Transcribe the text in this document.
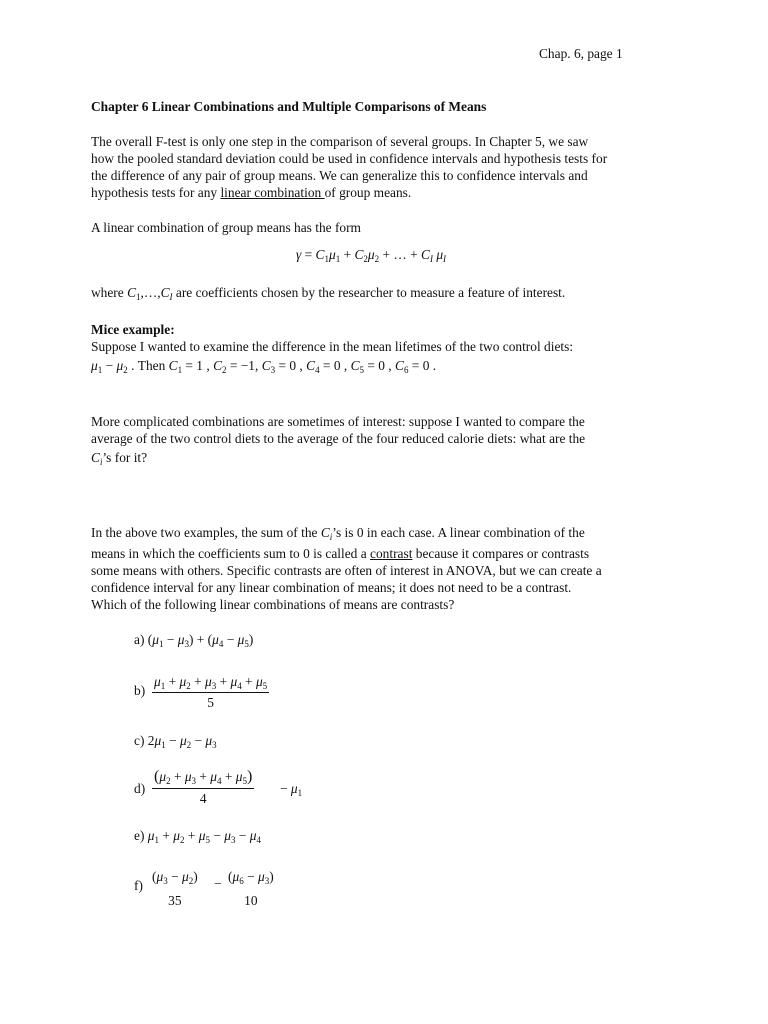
Chap. 6, page 1
Chapter 6 Linear Combinations and Multiple Comparisons of Means
The overall F-test is only one step in the comparison of several groups. In Chapter 5, we saw
how the pooled standard deviation could be used in confidence intervals and hypothesis tests for
the difference of any pair of group means. We can generalize this to confidence intervals and
hypothesis tests for any linear combination of group means.
A linear combination of group means has the form
$\gamma = C_1\mu_1 + C_2\mu_2$ + … + $C_I$ $\mu_I$
where $C_1,\dots,C_I$ are coefficients chosen by the researcher to measure a feature of interest.
Mice example:
Suppose I wanted to examine the difference in the mean lifetimes of the two control diets:
$\mu_1 - \mu_2$ . Then $C_1 = 1$ , $C_2 = -1$, $C_3 = 0$ , $C_4 = 0$ , $C_5 = 0$ , $C_6 = 0$ .
More complicated combinations are sometimes of interest: suppose I wanted to compare the
average of the two control diets to the average of the four reduced calorie diets: what are the
$C_i’s$ for it?
In the above two examples, the sum of the $C_i’s$ is 0 in each case. A linear combination of the
means in which the coefficients sum to 0 is called a contrast because it compares or contrasts
some means with others. Specific contrasts are often of interest in ANOVA, but we can create a
confidence interval for any linear combination of means; it does not need to be a contrast.
Which of the following linear combinations of means are contrasts?
a) $(\mu_1 - \mu_3) + (\mu_4 - \mu_5)$
$b) \frac{\mu_1 + \mu_2 + \mu_3 + \mu_4 + \mu_5}{5}$
c) $2\mu_1 - \mu_2 - \mu_3$
$d) \frac{(\mu_2 + \mu_3 + \mu_4 + \mu_5)}{4} - \mu_1$
e) $\mu_1 + \mu_2 + \mu_5 - \mu_3 - \mu_4$
f)
$(\mu_3 - \mu_2)$
35
− $(\mu_6 - \mu_3)$
10
